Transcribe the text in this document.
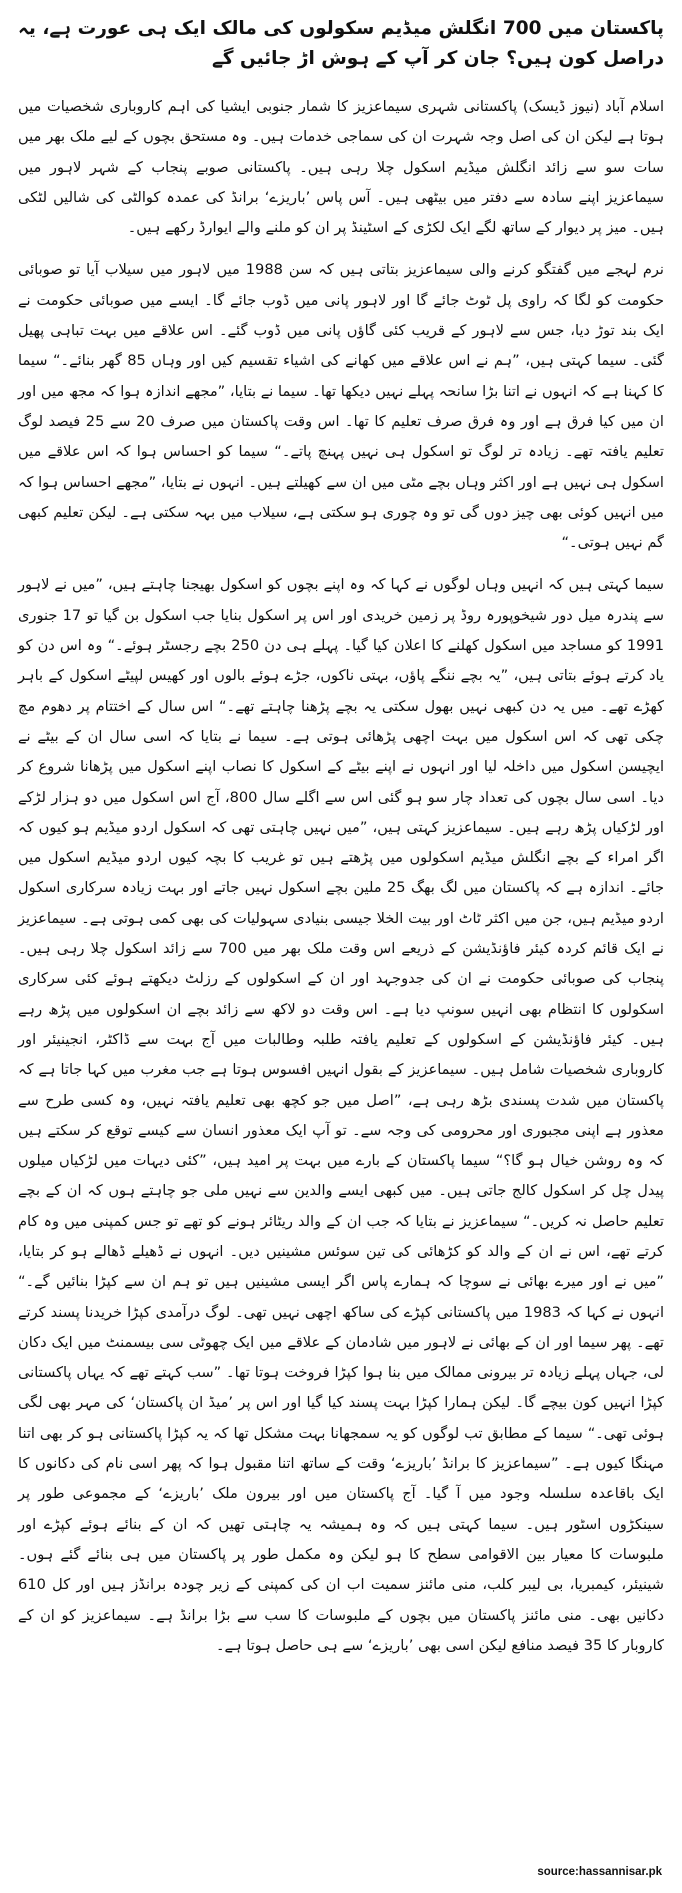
پاکستان میں 700 انگلش میڈیم سکولوں کی مالک ایک ہی عورت ہے، یہ دراصل کون ہیں؟ جان کر آپ کے ہوش اڑ جائیں گے

اسلام آباد (نیوز ڈیسک) پاکستانی شہری سیماعزیز کا شمار جنوبی ایشیا کی اہم کاروباری شخصیات میں ہوتا ہے لیکن ان کی اصل وجہ شہرت ان کی سماجی خدمات ہیں۔ وہ مستحق بچوں کے لیے ملک بھر میں سات سو سے زائد انگلش میڈیم اسکول چلا رہی ہیں۔ پاکستانی صوبے پنجاب کے شہر لاہور میں سیماعزیز اپنے سادہ سے دفتر میں بیٹھی ہیں۔ آس پاس ’باریزے‘ برانڈ کی عمدہ کوالٹی کی شالیں لٹکی ہیں۔ میز پر دیوار کے ساتھ لگے ایک لکڑی کے اسٹینڈ پر ان کو ملنے والے ایوارڈ رکھے ہیں۔

نرم لہجے میں گفتگو کرنے والی سیماعزیز بتاتی ہیں کہ سن 1988 میں لاہور میں سیلاب آیا تو صوبائی حکومت کو لگا کہ راوی پل ٹوٹ جائے گا اور لاہور پانی میں ڈوب جائے گا۔ ایسے میں صوبائی حکومت نے ایک بند توڑ دیا، جس سے لاہور کے قریب کئی گاؤں پانی میں ڈوب گئے۔ اس علاقے میں بہت تباہی پھیل گئی۔ سیما کہتی ہیں، ”ہم نے اس علاقے میں کھانے کی اشیاء تقسیم کیں اور وہاں 85 گھر بنائے۔“ سیما کا کہنا ہے کہ انہوں نے اتنا بڑا سانحہ پہلے نہیں دیکھا تھا۔ سیما نے بتایا، ”مجھے اندازہ ہوا کہ مجھ میں اور ان میں کیا فرق ہے اور وہ فرق صرف تعلیم کا تھا۔ اس وقت پاکستان میں صرف 20 سے 25 فیصد لوگ تعلیم یافتہ تھے۔ زیادہ تر لوگ تو اسکول ہی نہیں پہنچ پاتے۔“ سیما کو احساس ہوا کہ اس علاقے میں اسکول ہی نہیں ہے اور اکثر وہاں بچے مٹی میں ان سے کھیلتے ہیں۔ انہوں نے بتایا، ”مجھے احساس ہوا کہ میں انہیں کوئی بھی چیز دوں گی تو وہ چوری ہو سکتی ہے، سیلاب میں بہہ سکتی ہے۔ لیکن تعلیم کبھی گم نہیں ہوتی۔“

سیما کہتی ہیں کہ انہیں وہاں لوگوں نے کہا کہ وہ اپنے بچوں کو اسکول بھیجنا چاہتے ہیں، ”میں نے لاہور سے پندرہ میل دور شیخوپورہ روڈ پر زمین خریدی اور اس پر اسکول بنایا جب اسکول بن گیا تو 17 جنوری 1991 کو مساجد میں اسکول کھلنے کا اعلان کیا گیا۔ پہلے ہی دن 250 بچے رجسٹر ہوئے۔“ وہ اس دن کو یاد کرتے ہوئے بتاتی ہیں، ”یہ بچے ننگے پاؤں، بہتی ناکوں، جڑے ہوئے بالوں اور کھیس لپیٹے اسکول کے باہر کھڑے تھے۔ میں یہ دن کبھی نہیں بھول سکتی یہ بچے پڑھنا چاہتے تھے۔“ اس سال کے اختتام پر دھوم مچ چکی تھی کہ اس اسکول میں بہت اچھی پڑھائی ہوتی ہے۔ سیما نے بتایا کہ اسی سال ان کے بیٹے نے ایچیسن اسکول میں داخلہ لیا اور انہوں نے اپنے بیٹے کے اسکول کا نصاب اپنے اسکول میں پڑھانا شروع کر دیا۔ اسی سال بچوں کی تعداد چار سو ہو گئی اس سے اگلے سال 800، آج اس اسکول میں دو ہزار لڑکے اور لڑکیاں پڑھ رہے ہیں۔ سیماعزیز کہتی ہیں، ”میں نہیں چاہتی تھی کہ اسکول اردو میڈیم ہو کیوں کہ اگر امراء کے بچے انگلش میڈیم اسکولوں میں پڑھتے ہیں تو غریب کا بچہ کیوں اردو میڈیم اسکول میں جائے۔ اندازہ ہے کہ پاکستان میں لگ بھگ 25 ملین بچے اسکول نہیں جاتے اور بہت زیادہ سرکاری اسکول اردو میڈیم ہیں، جن میں اکثر ٹاٹ اور بیت الخلا جیسی بنیادی سہولیات کی بھی کمی ہوتی ہے۔ سیماعزیز نے ایک قائم کردہ کیئر فاؤنڈیشن کے ذریعے اس وقت ملک بھر میں 700 سے زائد اسکول چلا رہی ہیں۔ پنجاب کی صوبائی حکومت نے ان کی جدوجہد اور ان کے اسکولوں کے رزلٹ دیکھتے ہوئے کئی سرکاری اسکولوں کا انتظام بھی انہیں سونپ دیا ہے۔ اس وقت دو لاکھ سے زائد بچے ان اسکولوں میں پڑھ رہے ہیں۔ کیئر فاؤنڈیشن کے اسکولوں کے تعلیم یافتہ طلبہ وطالبات میں آج بہت سے ڈاکٹر، انجینیئر اور کاروباری شخصیات شامل ہیں۔ سیماعزیز کے بقول انہیں افسوس ہوتا ہے جب مغرب میں کہا جاتا ہے کہ پاکستان میں شدت پسندی بڑھ رہی ہے، ”اصل میں جو کچھ بھی تعلیم یافتہ نہیں، وہ کسی طرح سے معذور ہے اپنی مجبوری اور محرومی کی وجہ سے۔ تو آپ ایک معذور انسان سے کیسے توقع کر سکتے ہیں کہ وہ روشن خیال ہو گا؟“ سیما پاکستان کے بارے میں بہت پر امید ہیں، ”کئی دیہات میں لڑکیاں میلوں پیدل چل کر اسکول کالج جاتی ہیں۔ میں کبھی ایسے والدین سے نہیں ملی جو چاہتے ہوں کہ ان کے بچے تعلیم حاصل نہ کریں۔“ سیماعزیز نے بتایا کہ جب ان کے والد ریٹائر ہونے کو تھے تو جس کمپنی میں وہ کام کرتے تھے، اس نے ان کے والد کو کڑھائی کی تین سوئس مشینیں دیں۔ انہوں نے ڈھیلے ڈھالے ہو کر بتایا، ”میں نے اور میرے بھائی نے سوچا کہ ہمارے پاس اگر ایسی مشینیں ہیں تو ہم ان سے کپڑا بنائیں گے۔“ انہوں نے کہا کہ 1983 میں پاکستانی کپڑے کی ساکھ اچھی نہیں تھی۔ لوگ درآمدی کپڑا خریدنا پسند کرتے تھے۔ پھر سیما اور ان کے بھائی نے لاہور میں شادمان کے علاقے میں ایک چھوٹی سی بیسمنٹ میں ایک دکان لی، جہاں پہلے زیادہ تر بیرونی ممالک میں بنا ہوا کپڑا فروخت ہوتا تھا۔ ”سب کہتے تھے کہ یہاں پاکستانی کپڑا انہیں کون بیچے گا۔ لیکن ہمارا کپڑا بہت پسند کیا گیا اور اس پر ’میڈ ان پاکستان‘ کی مہر بھی لگی ہوئی تھی۔“ سیما کے مطابق تب لوگوں کو یہ سمجھانا بہت مشکل تھا کہ یہ کپڑا پاکستانی ہو کر بھی اتنا مہنگا کیوں ہے۔ ”سیماعزیز کا برانڈ ’باریزے‘ وقت کے ساتھ اتنا مقبول ہوا کہ پھر اسی نام کی دکانوں کا ایک باقاعدہ سلسلہ وجود میں آ گیا۔ آج پاکستان میں اور بیرون ملک ’باریزے‘ کے مجموعی طور پر سینکڑوں اسٹور ہیں۔ سیما کہتی ہیں کہ وہ ہمیشہ یہ چاہتی تھیں کہ ان کے بنائے ہوئے کپڑے اور ملبوسات کا معیار بین الاقوامی سطح کا ہو لیکن وہ مکمل طور پر پاکستان میں ہی بنائے گئے ہوں۔ شینیئر، کیمبریا، بی لیبر کلب، منی مائنز سمیت اب ان کی کمپنی کے زیر چودہ برانڈز ہیں اور کل 610 دکانیں بھی۔ منی مائنز پاکستان میں بچوں کے ملبوسات کا سب سے بڑا برانڈ ہے۔ سیماعزیز کو ان کے کاروبار کا 35 فیصد منافع لیکن اسی بھی ’باریزے‘ سے ہی حاصل ہوتا ہے۔

source:hassannisar.pk
